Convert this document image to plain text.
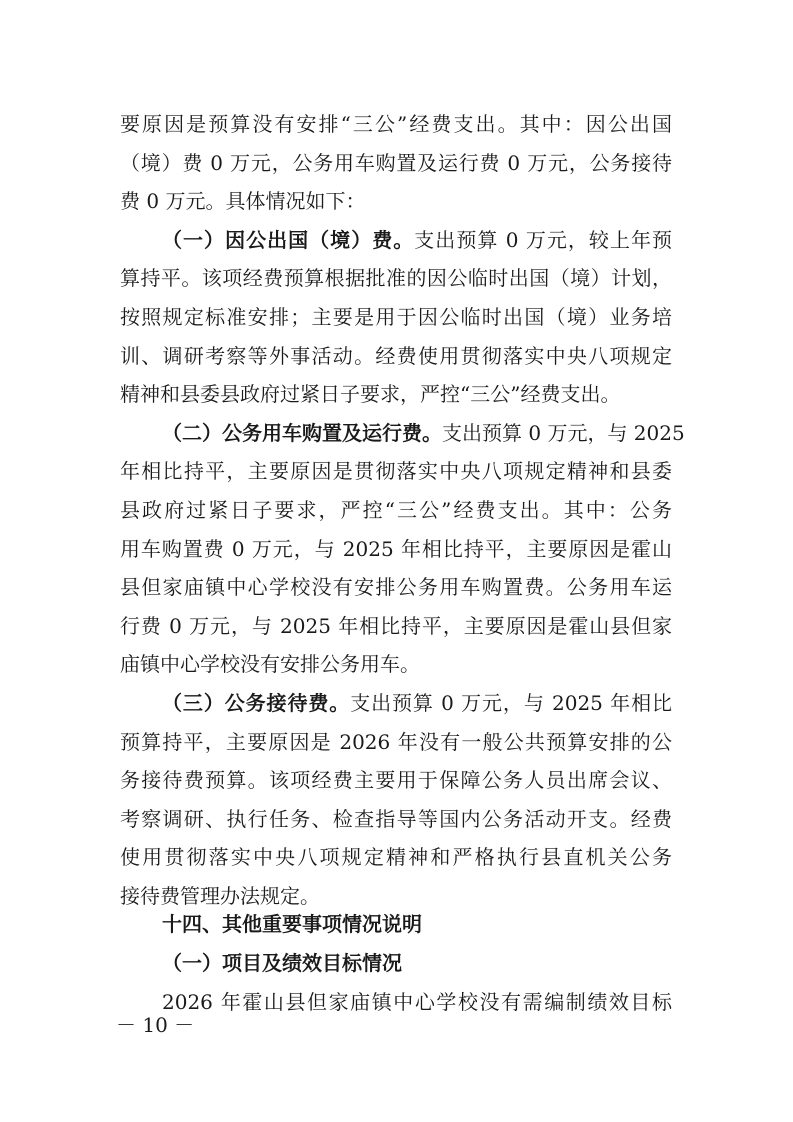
要原因是预算没有安排“三公”经费支出。其中：因公出国
（境）费 0 万元，公务用车购置及运行费 0 万元，公务接待
费 0 万元。具体情况如下：
（一）因公出国（境）费。支出预算 0 万元，较上年预
算持平。该项经费预算根据批准的因公临时出国（境）计划，
按照规定标准安排；主要是用于因公临时出国（境）业务培
训、调研考察等外事活动。经费使用贯彻落实中央八项规定
精神和县委县政府过紧日子要求，严控“三公”经费支出。
（二）公务用车购置及运行费。支出预算 0 万元，与 2025
年相比持平，主要原因是贯彻落实中央八项规定精神和县委
县政府过紧日子要求，严控“三公”经费支出。其中：公务
用车购置费 0 万元，与 2025 年相比持平，主要原因是霍山
县但家庙镇中心学校没有安排公务用车购置费。公务用车运
行费 0 万元，与 2025 年相比持平，主要原因是霍山县但家
庙镇中心学校没有安排公务用车。
（三）公务接待费。支出预算 0 万元，与 2025 年相比
预算持平，主要原因是 2026 年没有一般公共预算安排的公
务接待费预算。该项经费主要用于保障公务人员出席会议、
考察调研、执行任务、检查指导等国内公务活动开支。经费
使用贯彻落实中央八项规定精神和严格执行县直机关公务
接待费管理办法规定。
十四、其他重要事项情况说明
（一）项目及绩效目标情况
2026 年霍山县但家庙镇中心学校没有需编制绩效目标
－ 10 －
